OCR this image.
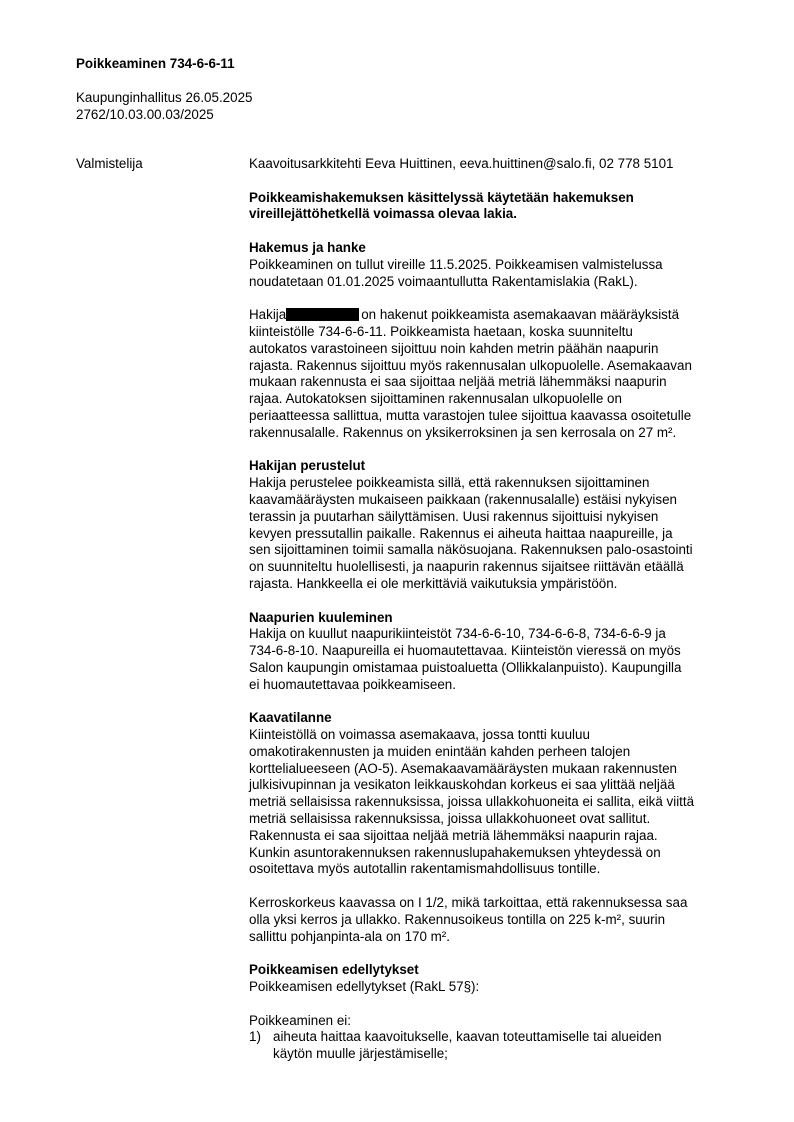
Poikkeaminen 734-6-6-11
Kaupunginhallitus 26.05.2025
2762/10.03.00.03/2025
Valmistelija	Kaavoitusarkkitehti Eeva Huittinen, eeva.huittinen@salo.fi, 02 778 5101
Poikkeamishakemuksen käsittelyssä käytetään hakemuksen
vireillejättöhetkellä voimassa olevaa lakia.
Hakemus ja hanke
Poikkeaminen on tullut vireille 11.5.2025. Poikkeamisen valmistelussa
noudatetaan 01.01.2025 voimaantullutta Rakentamislakia (RakL).
Hakija	on hakenut poikkeamista asemakaavan määräyksistä
kiinteistölle 734-6-6-11. Poikkeamista haetaan, koska suunniteltu
autokatos varastoineen sijoittuu noin kahden metrin päähän naapurin
rajasta. Rakennus sijoittuu myös rakennusalan ulkopuolelle. Asemakaavan
mukaan rakennusta ei saa sijoittaa neljää metriä lähemmäksi naapurin
rajaa. Autokatoksen sijoittaminen rakennusalan ulkopuolelle on
periaatteessa sallittua, mutta varastojen tulee sijoittua kaavassa osoitetulle
rakennusalalle. Rakennus on yksikerroksinen ja sen kerrosala on 27 m².
Hakijan perustelut
Hakija perustelee poikkeamista sillä, että rakennuksen sijoittaminen
kaavamääräysten mukaiseen paikkaan (rakennusalalle) estäisi nykyisen
terassin ja puutarhan säilyttämisen. Uusi rakennus sijoittuisi nykyisen
kevyen pressutallin paikalle. Rakennus ei aiheuta haittaa naapureille, ja
sen sijoittaminen toimii samalla näkösuojana. Rakennuksen palo-osastointi
on suunniteltu huolellisesti, ja naapurin rakennus sijaitsee riittävän etäällä
rajasta. Hankkeella ei ole merkittäviä vaikutuksia ympäristöön.
Naapurien kuuleminen
Hakija on kuullut naapurikiinteistöt 734-6-6-10, 734-6-6-8, 734-6-6-9 ja
734-6-8-10. Naapureilla ei huomautettavaa. Kiinteistön vieressä on myös
Salon kaupungin omistamaa puistoaluetta (Ollikkalanpuisto). Kaupungilla
ei huomautettavaa poikkeamiseen.
Kaavatilanne
Kiinteistöllä on voimassa asemakaava, jossa tontti kuuluu
omakotirakennusten ja muiden enintään kahden perheen talojen
korttelialueeseen (AO-5). Asemakaavamääräysten mukaan rakennusten
julkisivupinnan ja vesikaton leikkauskohdan korkeus ei saa ylittää neljää
metriä sellaisissa rakennuksissa, joissa ullakkohuoneita ei sallita, eikä viittä
metriä sellaisissa rakennuksissa, joissa ullakkohuoneet ovat sallitut.
Rakennusta ei saa sijoittaa neljää metriä lähemmäksi naapurin rajaa.
Kunkin asuntorakennuksen rakennuslupahakemuksen yhteydessä on
osoitettava myös autotallin rakentamismahdollisuus tontille.
Kerroskorkeus kaavassa on I 1/2, mikä tarkoittaa, että rakennuksessa saa
olla yksi kerros ja ullakko. Rakennusoikeus tontilla on 225 k-m², suurin
sallittu pohjanpinta-ala on 170 m².
Poikkeamisen edellytykset
Poikkeamisen edellytykset (RakL 57§):
Poikkeaminen ei:
1) aiheuta haittaa kaavoitukselle, kaavan toteuttamiselle tai alueiden
käytön muulle järjestämiselle;
